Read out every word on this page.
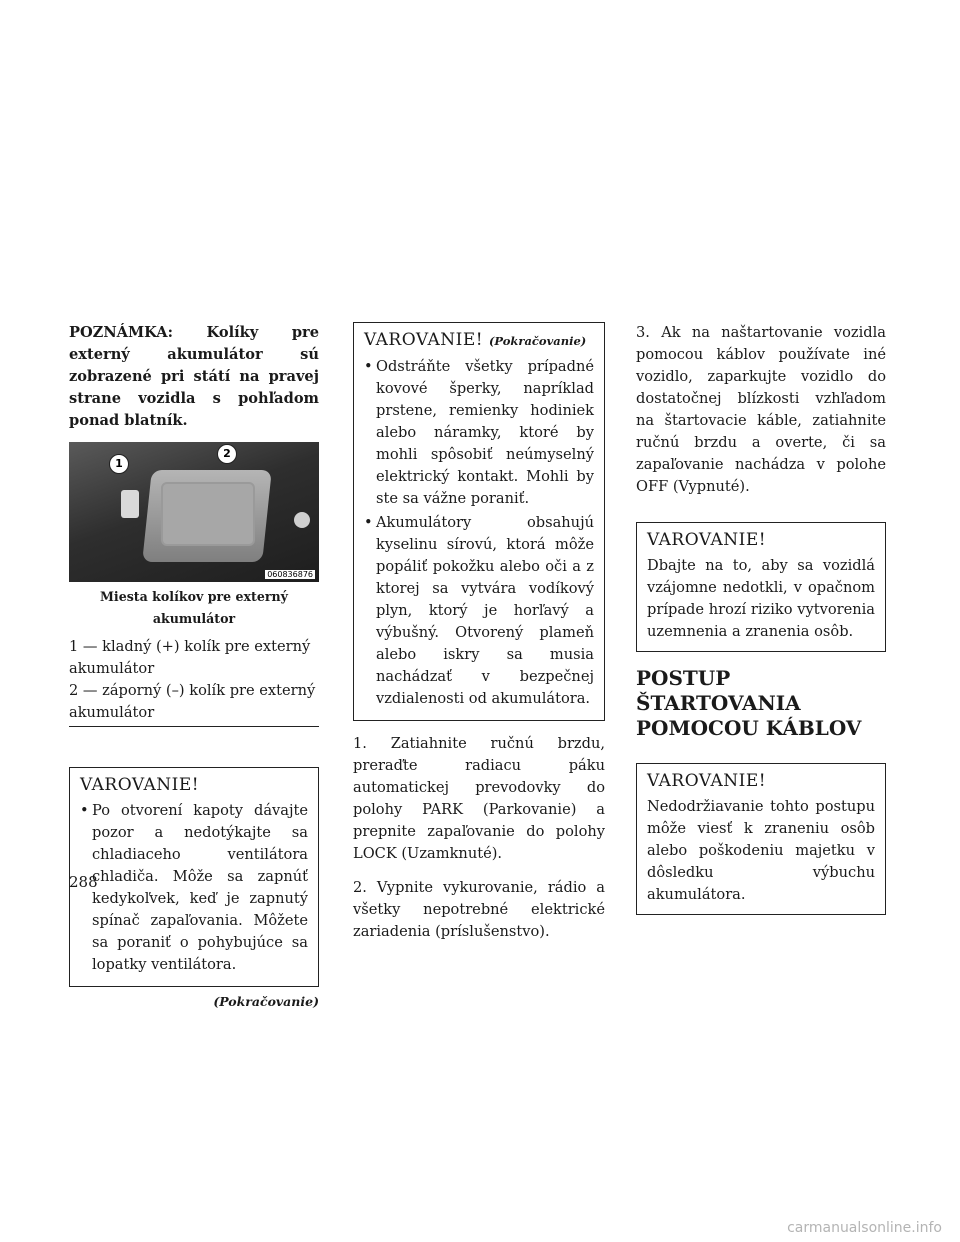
POZNÁMKA: Kolíky pre externý akumulátor sú zobrazené pri státí na pravej strane vozidla s pohľadom ponad blatník.

1
2
060836876

Miesta kolíkov pre externý akumulátor

1 — kladný (+) kolík pre externý akumulátor

2 — záporný (–) kolík pre externý akumulátor

VAROVANIE!
• Po otvorení kapoty dávajte pozor a nedotýkajte sa chladiaceho ventilátora chladiča. Môže sa zapnúť kedykoľvek, keď je zapnutý spínač zapaľovania. Môžete sa poraniť o pohybujúce sa lopatky ventilátora.

(Pokračovanie)

VAROVANIE! (Pokračovanie)
• Odstráňte všetky prípadné kovové šperky, napríklad prstene, remienky hodiniek alebo náramky, ktoré by mohli spôsobiť neúmyselný elektrický kontakt. Mohli by ste sa vážne poraniť.
• Akumulátory obsahujú kyselinu sírovú, ktorá môže popáliť pokožku alebo oči a z ktorej sa vytvára vodíkový plyn, ktorý je horľavý a výbušný. Otvorený plameň alebo iskry sa musia nachádzať v bezpečnej vzdialenosti od akumulátora.

1. Zatiahnite ručnú brzdu, preraďte radiacu páku automatickej prevodovky do polohy PARK (Parkovanie) a prepnite zapaľovanie do polohy LOCK (Uzamknuté).

2. Vypnite vykurovanie, rádio a všetky nepotrebné elektrické zariadenia (príslušenstvo).

3. Ak na naštartovanie vozidla pomocou káblov používate iné vozidlo, zaparkujte vozidlo do dostatočnej blízkosti vzhľadom na štartovacie káble, zatiahnite ručnú brzdu a overte, či sa zapaľovanie nachádza v polohe OFF (Vypnuté).

VAROVANIE!

Dbajte na to, aby sa vozidlá vzájomne nedotkli, v opačnom prípade hrozí riziko vytvorenia uzemnenia a zranenia osôb.

POSTUP ŠTARTOVANIA POMOCOU KÁBLOV
VAROVANIE!

Nedodržiavanie tohto postupu môže viesť k zraneniu osôb alebo poškodeniu majetku v dôsledku výbuchu akumulátora.

288
carmanualsonline.info
